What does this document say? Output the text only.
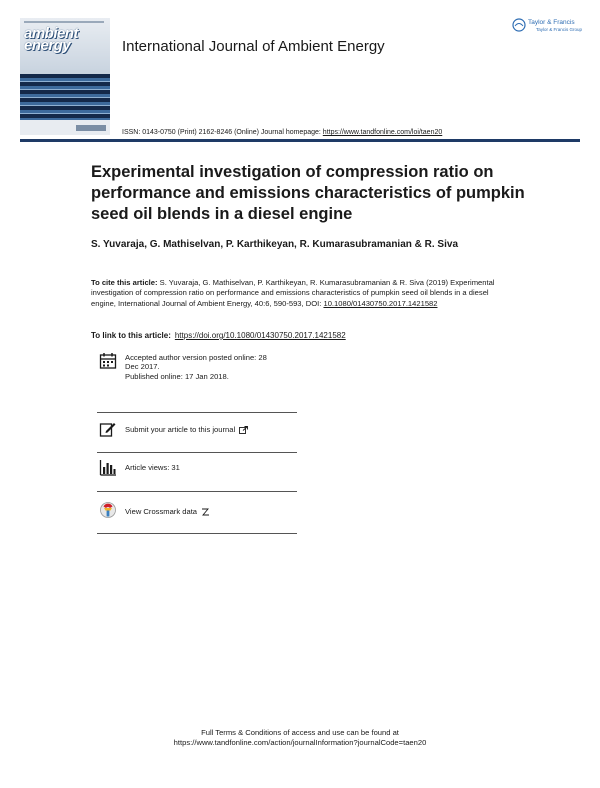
ambient energy	International Journal of Ambient Energy
Taylor & Francis
Taylor & Francis Group
ISSN: 0143-0750 (Print) 2162-8246 (Online) Journal homepage: https://www.tandfonline.com/loi/taen20
Experimental investigation of compression ratio on performance and emissions characteristics of pumpkin seed oil blends in a diesel engine
S. Yuvaraja, G. Mathiselvan, P. Karthikeyan, R. Kumarasubramanian & R. Siva
To cite this article: S. Yuvaraja, G. Mathiselvan, P. Karthikeyan, R. Kumarasubramanian & R. Siva (2019) Experimental investigation of compression ratio on performance and emissions characteristics of pumpkin seed oil blends in a diesel engine, International Journal of Ambient Energy, 40:6, 590-593, DOI: 10.1080/01430750.2017.1421582
To link to this article: https://doi.org/10.1080/01430750.2017.1421582
Accepted author version posted online: 28
Dec 2017.
Published online: 17 Jan 2018.
Submit your article to this journal
Article views: 31
View Crossmark data
Full Terms & Conditions of access and use can be found at
https://www.tandfonline.com/action/journalInformation?journalCode=taen20
